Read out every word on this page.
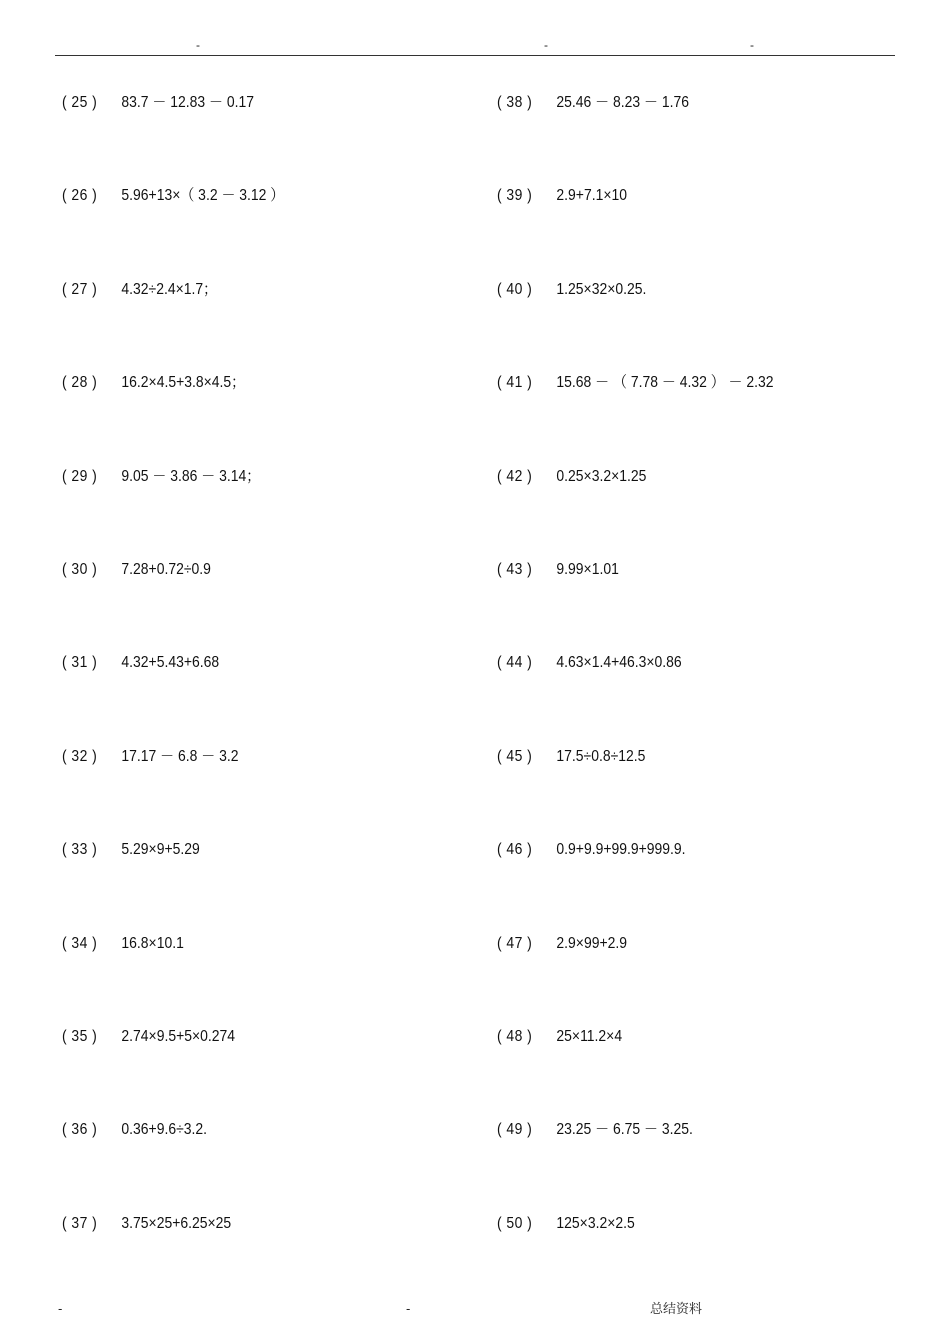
-	-	-
( 25 ) 83.7 － 12.83 － 0.17
( 26 ) 5.96+13×（ 3.2 － 3.12 ）
( 27 ) 4.32÷2.4×1.7；
( 28 ) 16.2×4.5+3.8×4.5；
( 29 ) 9.05 － 3.86 － 3.14；
( 30 ) 7.28+0.72÷0.9
( 31 ) 4.32+5.43+6.68
( 32 ) 17.17 － 6.8 － 3.2
( 33 ) 5.29×9+5.29
( 34 ) 16.8×10.1
( 35 ) 2.74×9.5+5×0.274
( 36 ) 0.36+9.6÷3.2.
( 37 ) 3.75×25+6.25×25
( 38 ) 25.46 － 8.23 － 1.76
( 39 ) 2.9+7.1×10
( 40 ) 1.25×32×0.25.
( 41 ) 15.68 － （ 7.78 － 4.32 ） － 2.32
( 42 ) 0.25×3.2×1.25
( 43 ) 9.99×1.01
( 44 ) 4.63×1.4+46.3×0.86
( 45 ) 17.5÷0.8÷12.5
( 46 ) 0.9+9.9+99.9+999.9.
( 47 ) 2.9×99+2.9
( 48 ) 25×11.2×4
( 49 ) 23.25 － 6.75 － 3.25.
( 50 ) 125×3.2×2.5
-	-	总结资料
